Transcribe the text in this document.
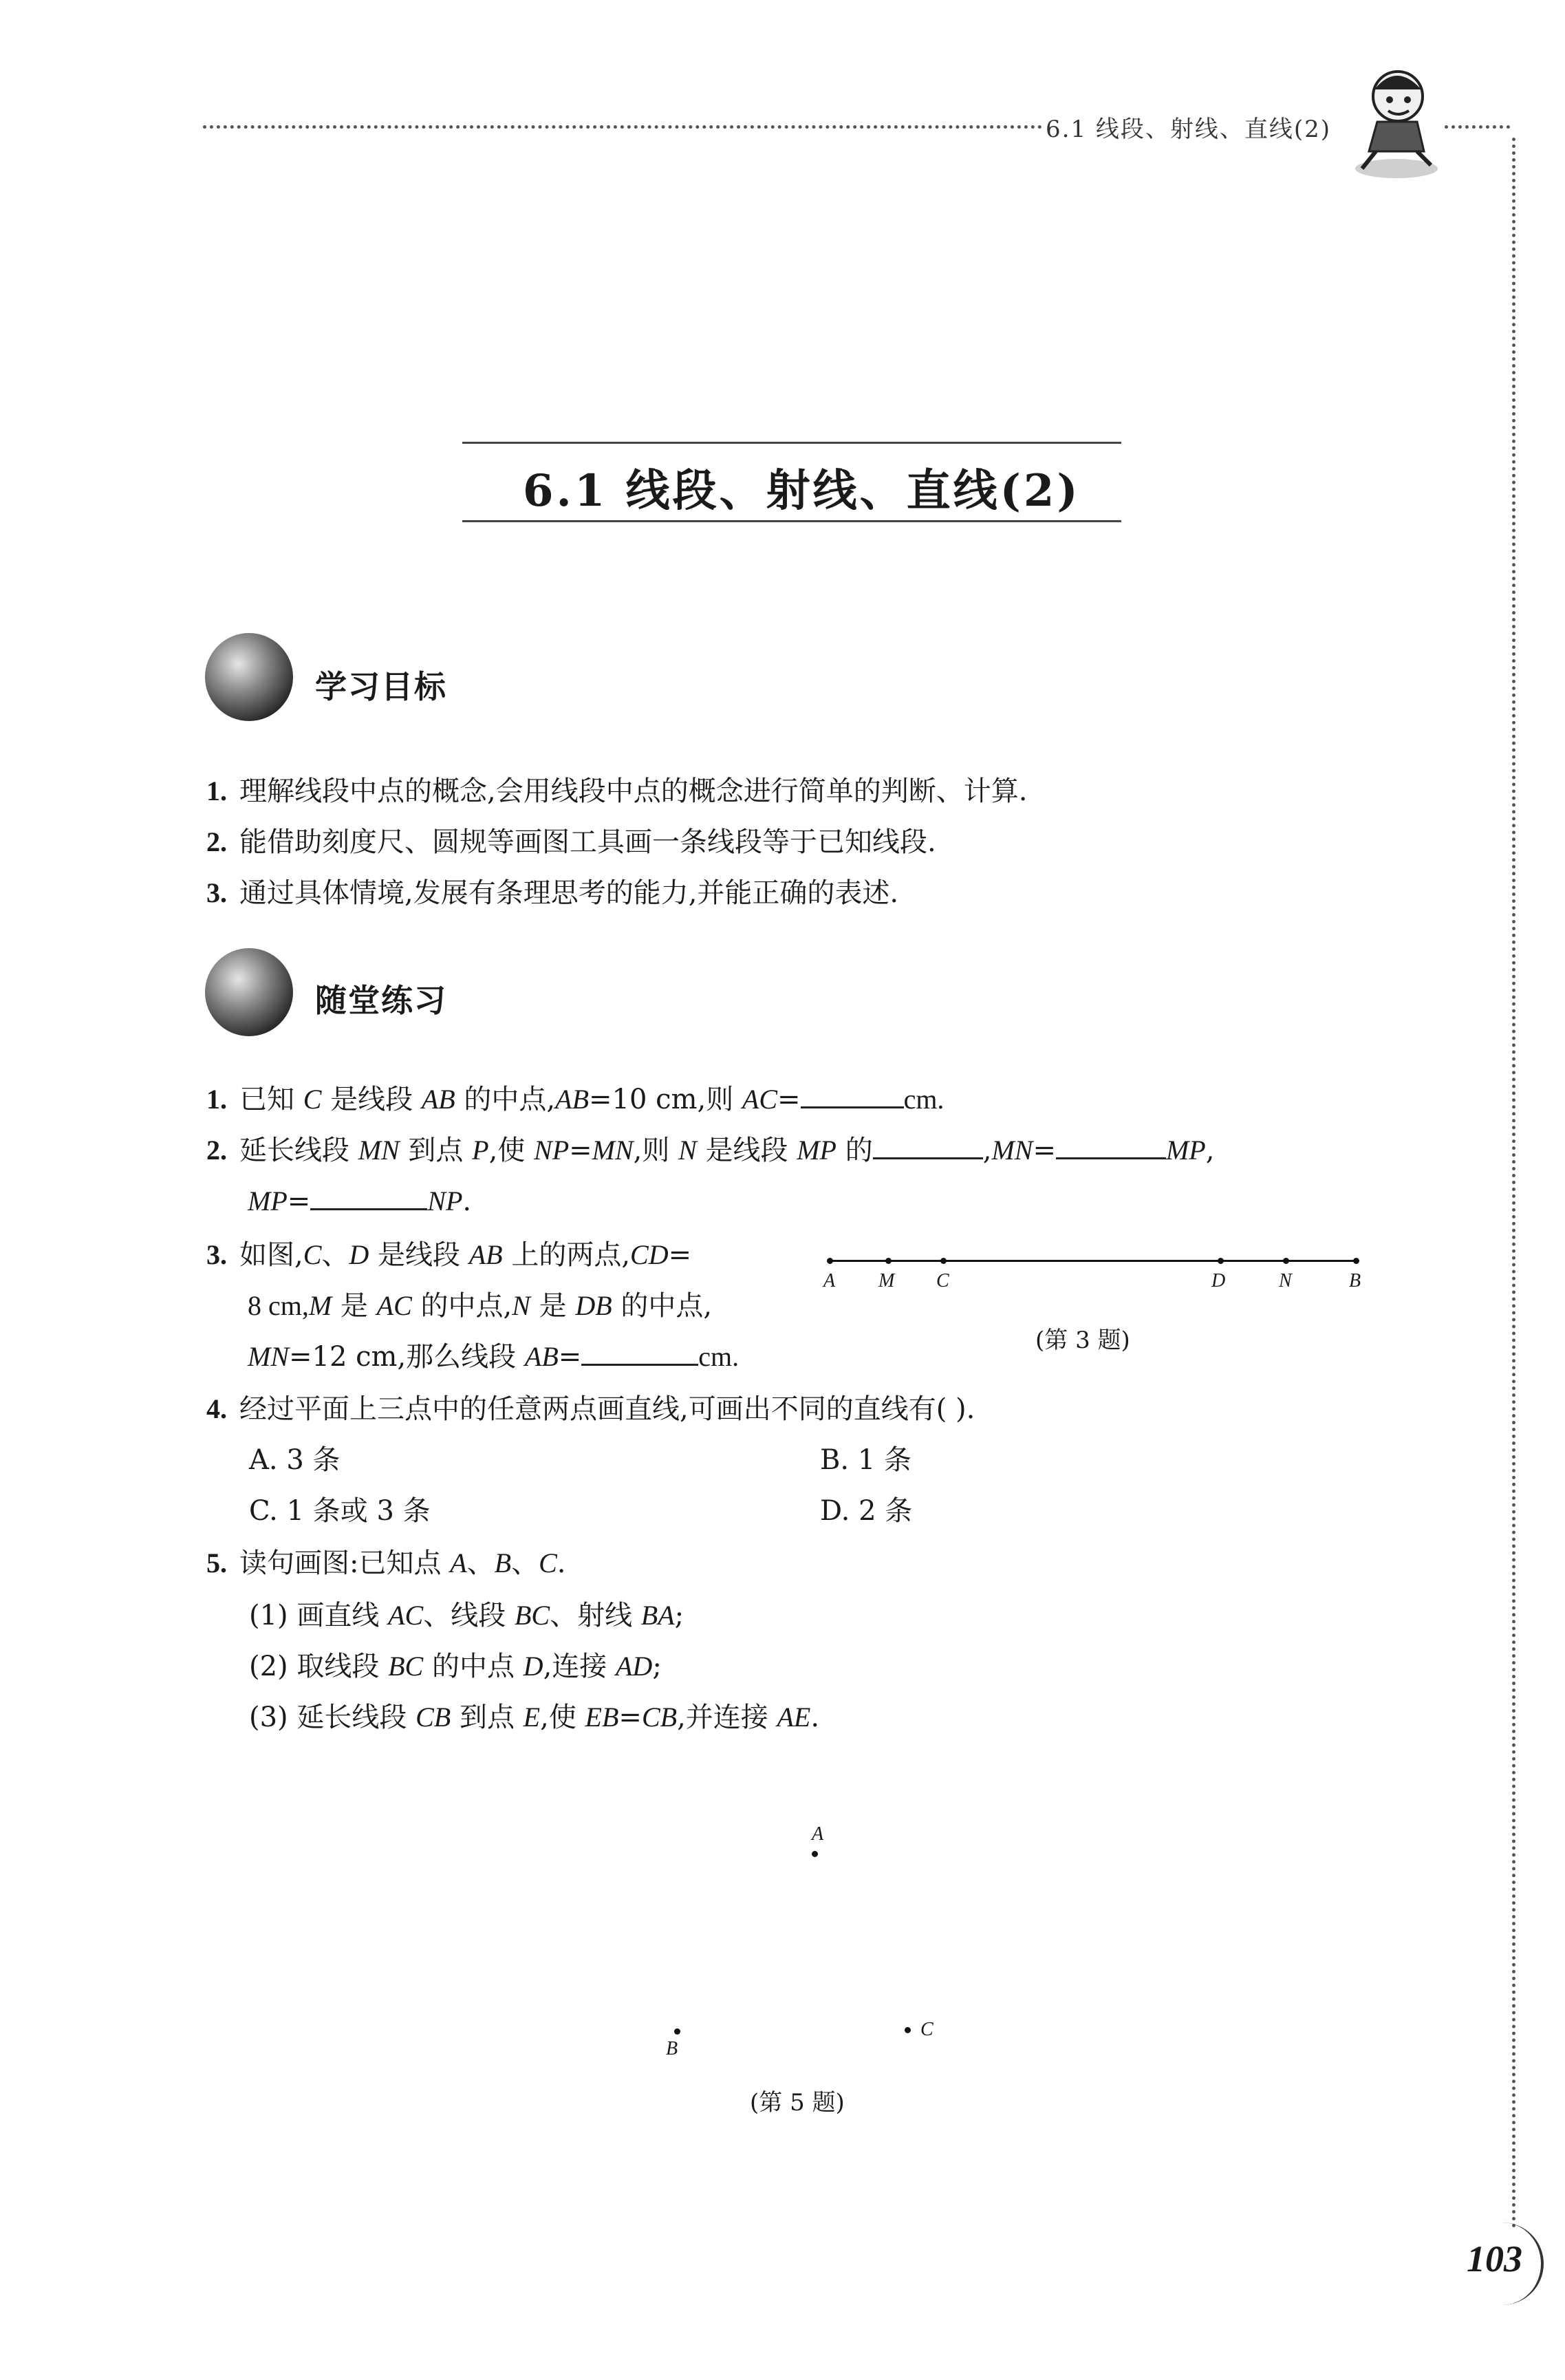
6.1 线段、射线、直线(2)
6.1 线段、射线、直线(2)
学习目标
1. 理解线段中点的概念,会用线段中点的概念进行简单的判断、计算.
2. 能借助刻度尺、圆规等画图工具画一条线段等于已知线段.
3. 通过具体情境,发展有条理思考的能力,并能正确的表述.
随堂练习
1. 已知 C 是线段 AB 的中点,AB=10 cm,则 AC=	cm.
2. 延长线段 MN 到点 P,使 NP=MN,则 N 是线段 MP 的	,MN=	MP,
MP=	NP.
3. 如图,C、D 是线段 AB 上的两点,CD=
8 cm,M 是 AC 的中点,N 是 DB 的中点,
MN=12 cm,那么线段 AB=	cm.
A M C	D	N	B
(第 3 题)
4. 经过平面上三点中的任意两点画直线,可画出不同的直线有( ).
A. 3 条	B. 1 条
C. 1 条或 3 条	D. 2 条
5. 读句画图:已知点 A、B、C.
(1) 画直线 AC、线段 BC、射线 BA;
(2) 取线段 BC 的中点 D,连接 AD;
(3) 延长线段 CB 到点 E,使 EB=CB,并连接 AE.
A
B
C
(第 5 题)
103
